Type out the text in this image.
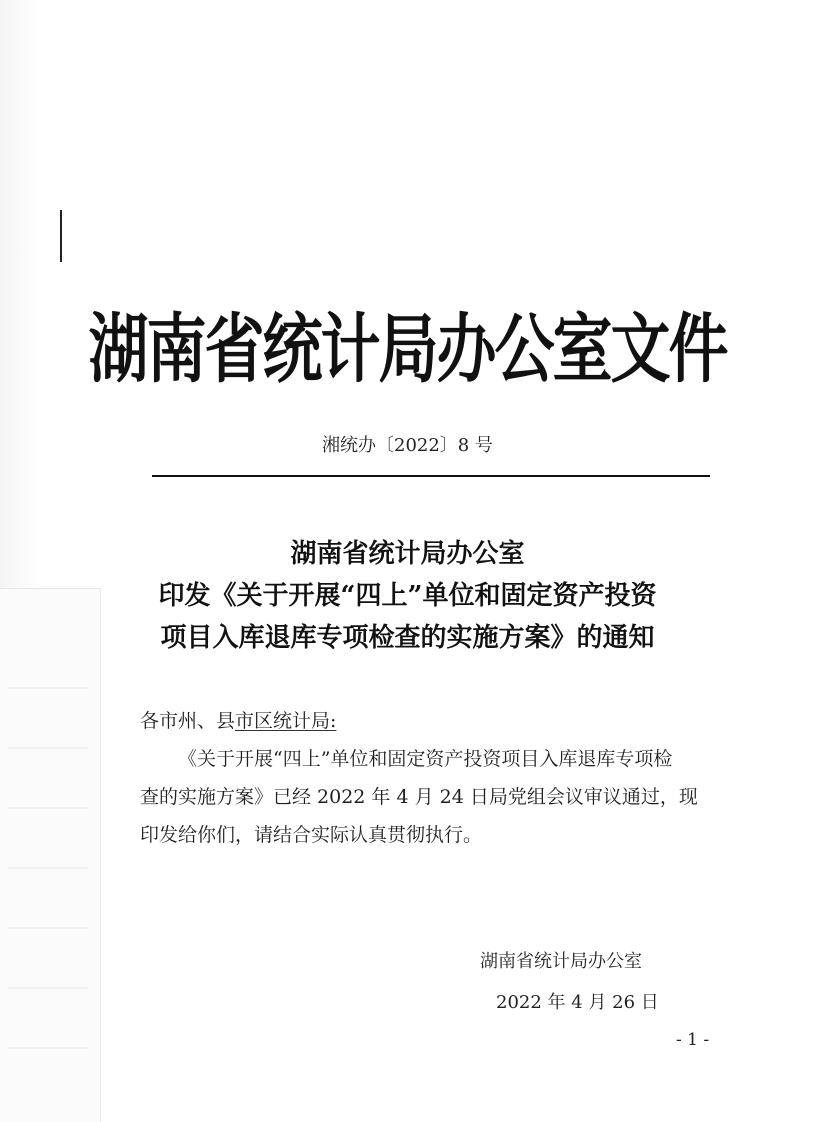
湖南省统计局办公室文件
湘统办〔2022〕8 号
湖南省统计局办公室
印发《关于开展“四上”单位和固定资产投资
项目入库退库专项检查的实施方案》的通知
各市州、县市区统计局:
《关于开展“四上”单位和固定资产投资项目入库退库专项检
查的实施方案》已经 2022 年 4 月 24 日局党组会议审议通过，现
印发给你们，请结合实际认真贯彻执行。
湖南省统计局办公室
2022 年 4 月 26 日
- 1 -
